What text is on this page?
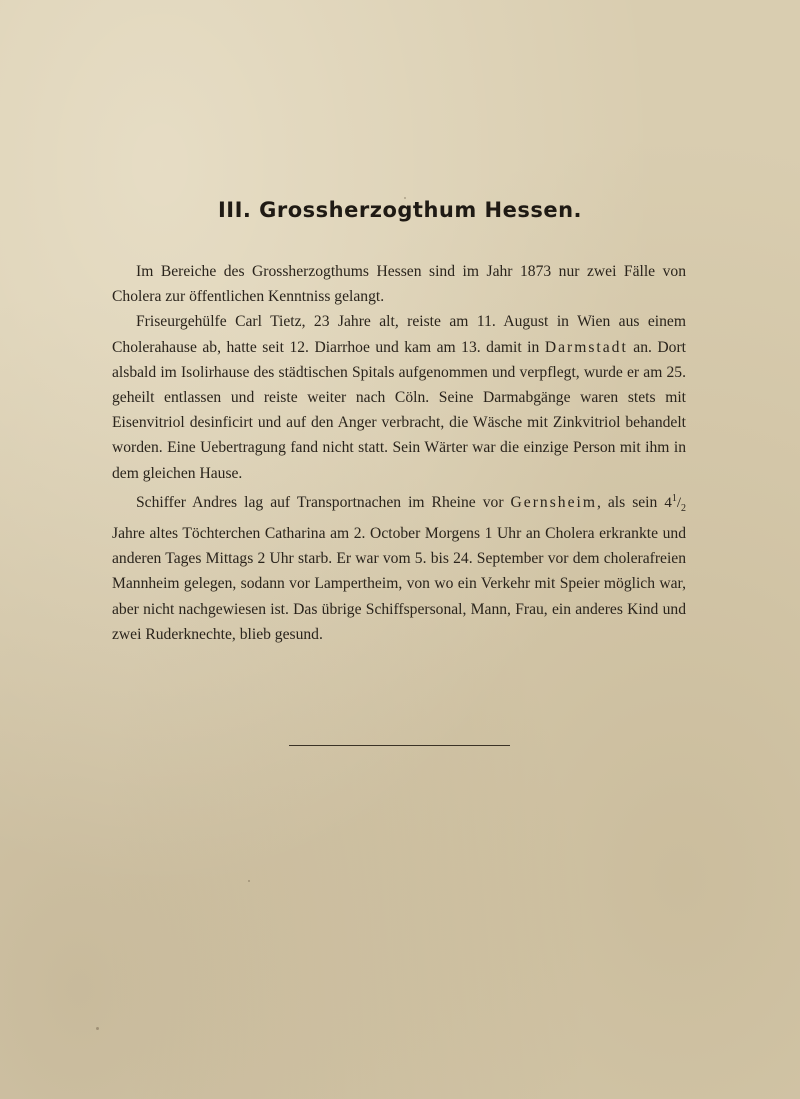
III. Grossherzogthum Hessen.

Im Bereiche des Grossherzogthums Hessen sind im Jahr 1873 nur zwei Fälle von Cholera zur öffentlichen Kenntniss gelangt.

Friseurgehülfe Carl Tietz, 23 Jahre alt, reiste am 11. August in Wien aus einem Cholerahause ab, hatte seit 12. Diarrhoe und kam am 13. damit in Darmstadt an. Dort alsbald im Isolirhause des städtischen Spitals aufgenommen und verpflegt, wurde er am 25. geheilt entlassen und reiste weiter nach Cöln. Seine Darmabgänge waren stets mit Eisenvitriol desinficirt und auf den Anger verbracht, die Wäsche mit Zinkvitriol behandelt worden. Eine Uebertragung fand nicht statt. Sein Wärter war die einzige Person mit ihm in dem gleichen Hause.

Schiffer Andres lag auf Transportnachen im Rheine vor Gernsheim, als sein $4^1/_2$ Jahre altes Töchterchen Catharina am 2. October Morgens 1 Uhr an Cholera erkrankte und anderen Tages Mittags 2 Uhr starb. Er war vom 5. bis 24. September vor dem cholerafreien Mannheim gelegen, sodann vor Lampertheim, von wo ein Verkehr mit Speier möglich war, aber nicht nachgewiesen ist. Das übrige Schiffspersonal, Mann, Frau, ein anderes Kind und zwei Ruderknechte, blieb gesund.
